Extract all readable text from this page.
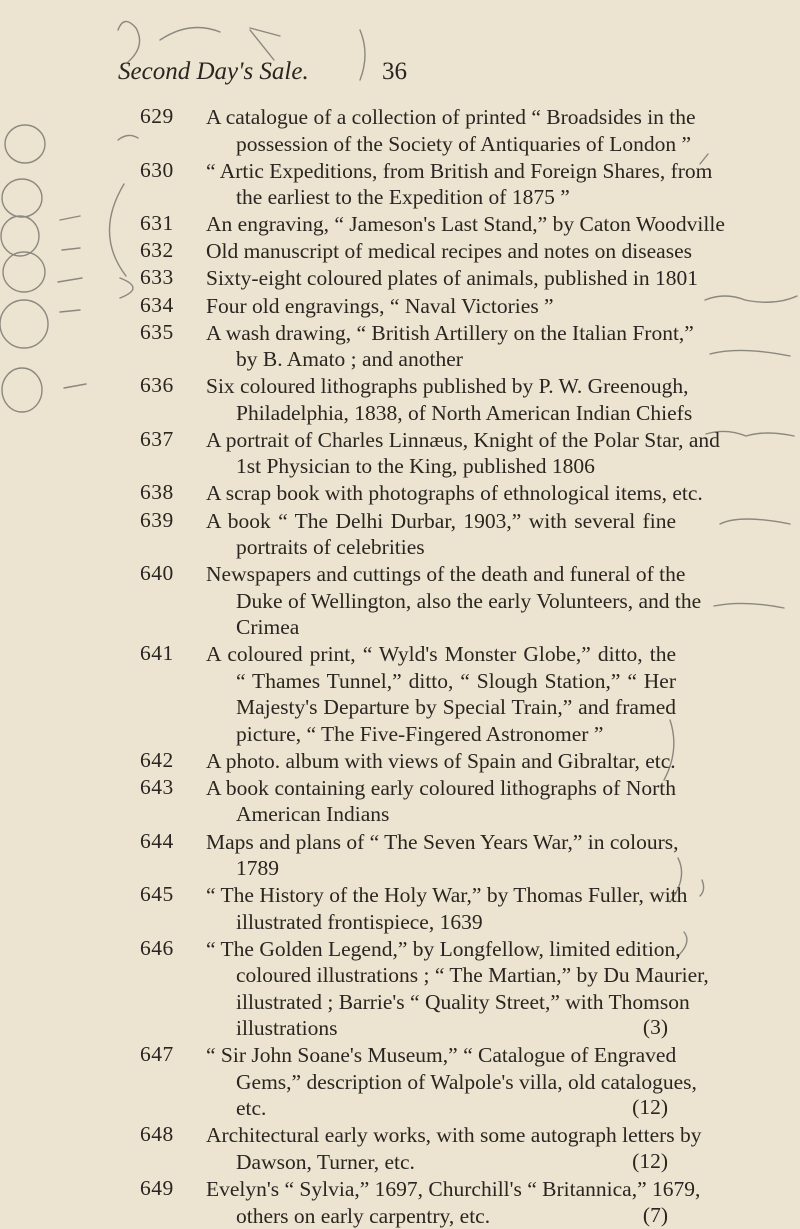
Second Day's Sale.	36
629 A catalogue of a collection of printed “ Broadsides in the
possession of the Society of Antiquaries of London ”
630 “ Artic Expeditions, from British and Foreign Shares, from
the earliest to the Expedition of 1875 ”
631 An engraving, “ Jameson's Last Stand,” by Caton Woodville
632 Old manuscript of medical recipes and notes on diseases
633 Sixty-eight coloured plates of animals, published in 1801
634 Four old engravings, “ Naval Victories ”
635 A wash drawing, “ British Artillery on the Italian Front,”
by B. Amato ; and another
636 Six coloured lithographs published by P. W. Greenough,
Philadelphia, 1838, of North American Indian Chiefs
637 A portrait of Charles Linnæus, Knight of the Polar Star, and
1st Physician to the King, published 1806
638 A scrap book with photographs of ethnological items, etc.
639 A book “ The Delhi Durbar, 1903,” with several fine
portraits of celebrities
640 Newspapers and cuttings of the death and funeral of the
Duke of Wellington, also the early Volunteers, and the
Crimea
641 A coloured print, “ Wyld's Monster Globe,” ditto, the
“ Thames Tunnel,” ditto, “ Slough Station,” “ Her
Majesty's Departure by Special Train,” and framed
picture, “ The Five-Fingered Astronomer ”
642 A photo. album with views of Spain and Gibraltar, etc.
643 A book containing early coloured lithographs of North
American Indians
644 Maps and plans of “ The Seven Years War,” in colours,
1789
645 “ The History of the Holy War,” by Thomas Fuller, with
illustrated frontispiece, 1639
646 “ The Golden Legend,” by Longfellow, limited edition,
coloured illustrations ; “ The Martian,” by Du Maurier,
illustrated ; Barrie's “ Quality Street,” with Thomson
illustrations	(3)
647 “ Sir John Soane's Museum,” “ Catalogue of Engraved
Gems,” description of Walpole's villa, old catalogues,
etc.	(12)
648 Architectural early works, with some autograph letters by
Dawson, Turner, etc.	(12)
649 Evelyn's “ Sylvia,” 1697, Churchill's “ Britannica,” 1679,
others on early carpentry, etc.	(7)
